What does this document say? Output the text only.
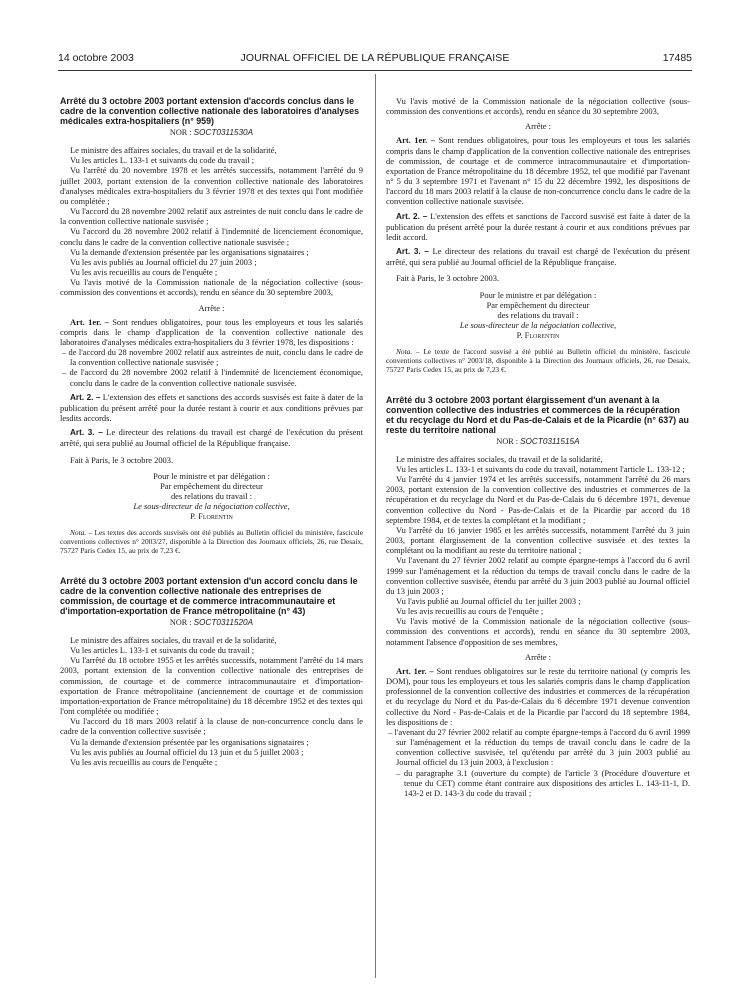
14 octobre 2003	JOURNAL OFFICIEL DE LA RÉPUBLIQUE FRANÇAISE	17485

Arrêté du 3 octobre 2003 portant extension d'accords conclus dans le cadre de la convention collective nationale des laboratoires d'analyses médicales extra-hospitaliers (n° 959)

NOR : SOCT0311530A

Le ministre des affaires sociales, du travail et de la solidarité,

Vu les articles L. 133-1 et suivants du code du travail ;

Vu l'arrêté du 20 novembre 1978 et les arrêtés successifs, notamment l'arrêté du 9 juillet 2003, portant extension de la convention collective nationale des laboratoires d'analyses médicales extra-hospitaliers du 3 février 1978 et des textes qui l'ont modifiée ou complétée ;

Vu l'accord du 28 novembre 2002 relatif aux astreintes de nuit conclu dans le cadre de la convention collective nationale susvisée ;

Vu l'accord du 28 novembre 2002 relatif à l'indemnité de licenciement économique, conclu dans le cadre de la convention collective nationale susvisée ;

Vu la demande d'extension présentée par les organisations signataires ;

Vu les avis publiés au Journal officiel du 27 juin 2003 ;

Vu les avis recueillis au cours de l'enquête ;

Vu l'avis motivé de la Commission nationale de la négociation collective (sous-commission des conventions et accords), rendu en séance du 30 septembre 2003,

Arrête :

Art. 1er. – Sont rendues obligatoires, pour tous les employeurs et tous les salariés compris dans le champ d'application de la convention collective nationale des laboratoires d'analyses médicales extra-hospitaliers du 3 février 1978, les dispositions :

– de l'accord du 28 novembre 2002 relatif aux astreintes de nuit, conclu dans le cadre de la convention collective nationale susvisée ;

– de l'accord du 28 novembre 2002 relatif à l'indemnité de licenciement économique, conclu dans le cadre de la convention collective nationale susvisée.

Art. 2. – L'extension des effets et sanctions des accords susvisés est faite à dater de la publication du présent arrêté pour la durée restant à courir et aux conditions prévues par lesdits accords.

Art. 3. – Le directeur des relations du travail est chargé de l'exécution du présent arrêté, qui sera publié au Journal officiel de la République française.

Fait à Paris, le 3 octobre 2003.

Pour le ministre et par délégation :

Par empêchement du directeur

des relations du travail :

Le sous-directeur de la négociation collective,

P. Florentin

Nota. – Les textes des accords susvisés ont été publiés au Bulletin officiel du ministère, fascicule conventions collectives n° 2003/27, disponible à la Direction des Journaux officiels, 26, rue Desaix, 75727 Paris Cedex 15, au prix de 7,23 €.

Arrêté du 3 octobre 2003 portant extension d'un accord conclu dans le cadre de la convention collective nationale des entreprises de commission, de courtage et de commerce intracommunautaire et d'importation-exportation de France métropolitaine (n° 43)

NOR : SOCT0311520A

Le ministre des affaires sociales, du travail et de la solidarité,

Vu les articles L. 133-1 et suivants du code du travail ;

Vu l'arrêté du 18 octobre 1955 et les arrêtés successifs, notamment l'arrêté du 14 mars 2003, portant extension de la convention collective nationale des entreprises de commission, de courtage et de commerce intracommunautaire et d'importation-exportation de France métropolitaine (anciennement de courtage et de commission importation-exportation de France métropolitaine) du 18 décembre 1952 et des textes qui l'ont complétée ou modifiée ;

Vu l'accord du 18 mars 2003 relatif à la clause de non-concurrence conclu dans le cadre de la convention collective susvisée ;

Vu la demande d'extension présentée par les organisations signataires ;

Vu les avis publiés au Journal officiel du 13 juin et du 5 juillet 2003 ;

Vu les avis recueillis au cours de l'enquête ;

Vu l'avis motivé de la Commission nationale de la négociation collective (sous-commission des conventions et accords), rendu en séance du 30 septembre 2003,

Arrête :

Art. 1er. – Sont rendues obligatoires, pour tous les employeurs et tous les salariés compris dans le champ d'application de la convention collective nationale des entreprises de commission, de courtage et de commerce intracommunautaire et d'importation-exportation de France métropolitaine du 18 décembre 1952, tel que modifié par l'avenant n° 5 du 3 septembre 1971 et l'avenant n° 15 du 22 décembre 1992, les dispositions de l'accord du 18 mars 2003 relatif à la clause de non-concurrence conclu dans le cadre de la convention collective nationale susvisée.

Art. 2. – L'extension des effets et sanctions de l'accord susvisé est faite à dater de la publication du présent arrêté pour la durée restant à courir et aux conditions prévues par ledit accord.

Art. 3. – Le directeur des relations du travail est chargé de l'exécution du présent arrêté, qui sera publié au Journal officiel de la République française.

Fait à Paris, le 3 octobre 2003.

Pour le ministre et par délégation :

Par empêchement du directeur

des relations du travail :

Le sous-directeur de la négociation collective,

P. Florentin

Nota. – Le texte de l'accord susvisé a été publié au Bulletin officiel du ministère, fascicule conventions collectives n° 2003/18, disponible à la Direction des Journaux officiels, 26, rue Desaix, 75727 Paris Cedex 15, au prix de 7,23 €.

Arrêté du 3 octobre 2003 portant élargissement d'un avenant à la convention collective des industries et commerces de la récupération et du recyclage du Nord et du Pas-de-Calais et de la Picardie (n° 637) au reste du territoire national

NOR : SOCT0311515A

Le ministre des affaires sociales, du travail et de la solidarité,

Vu les articles L. 133-1 et suivants du code du travail, notamment l'article L. 133-12 ;

Vu l'arrêté du 4 janvier 1974 et les arrêtés successifs, notamment l'arrêté du 26 mars 2003, portant extension de la convention collective des industries et commerces de la récupération et du recyclage du Nord et du Pas-de-Calais du 6 décembre 1971, devenue convention collective du Nord - Pas-de-Calais et de la Picardie par accord du 18 septembre 1984, et de textes la complétant et la modifiant ;

Vu l'arrêté du 16 janvier 1985 et les arrêtés successifs, notamment l'arrêté du 3 juin 2003, portant élargissement de la convention collective susvisée et des textes la complétant ou la modifiant au reste du territoire national ;

Vu l'avenant du 27 février 2002 relatif au compte épargne-temps à l'accord du 6 avril 1999 sur l'aménagement et la réduction du temps de travail conclu dans le cadre de la convention collective susvisée, étendu par arrêté du 3 juin 2003 publié au Journal officiel du 13 juin 2003 ;

Vu l'avis publié au Journal officiel du 1er juillet 2003 ;

Vu les avis recueillis au cours de l'enquête ;

Vu l'avis motivé de la Commission nationale de la négociation collective (sous-commission des conventions et accords), rendu en séance du 30 septembre 2003, notamment l'absence d'opposition de ses membres,

Arrête :

Art. 1er. – Sont rendues obligatoires sur le reste du territoire national (y compris les DOM), pour tous les employeurs et tous les salariés compris dans le champ d'application professionnel de la convention collective des industries et commerces de la récupération et du recyclage du Nord et du Pas-de-Calais du 6 décembre 1971 devenue convention collective du Nord - Pas-de-Calais et de la Picardie par l'accord du 18 septembre 1984, les dispositions de :

– l'avenant du 27 février 2002 relatif au compte épargne-temps à l'accord du 6 avril 1999 sur l'aménagement et la réduction du temps de travail conclu dans le cadre de la convention collective susvisée, tel qu'étendu par arrêté du 3 juin 2003 publié au Journal officiel du 13 juin 2003, à l'exclusion :

– du paragraphe 3.1 (ouverture du compte) de l'article 3 (Procédure d'ouverture et tenue du CET) comme étant contraire aux dispositions des articles L. 143-11-1, D. 143-2 et D. 143-3 du code du travail ;
